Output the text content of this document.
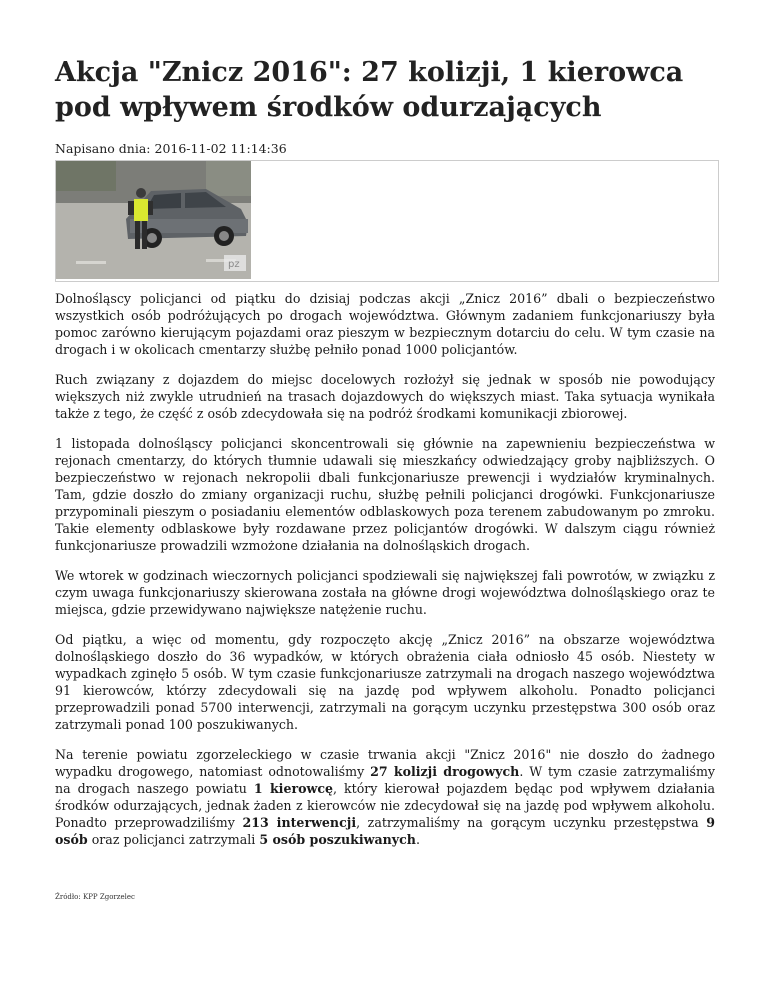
Akcja "Znicz 2016": 27 kolizji, 1 kierowca pod wpływem środków odurzających
Napisano dnia: 2016-11-02 11:14:36
pz

Dolnośląscy policjanci od piątku do dzisiaj podczas akcji „Znicz 2016” dbali o bezpieczeństwo wszystkich osób podróżujących po drogach województwa. Głównym zadaniem funkcjonariuszy była pomoc zarówno kierującym pojazdami oraz pieszym w bezpiecznym dotarciu do celu. W tym czasie na drogach i w okolicach cmentarzy służbę pełniło ponad 1000 policjantów.

Ruch związany z dojazdem do miejsc docelowych rozłożył się jednak w sposób nie powodujący większych niż zwykle utrudnień na trasach dojazdowych do większych miast. Taka sytuacja wynikała także z tego, że część z osób zdecydowała się na podróż środkami komunikacji zbiorowej.

1 listopada dolnośląscy policjanci skoncentrowali się głównie na zapewnieniu bezpieczeństwa w rejonach cmentarzy, do których tłumnie udawali się mieszkańcy odwiedzający groby najbliższych. O bezpieczeństwo w rejonach nekropolii dbali funkcjonariusze prewencji i wydziałów kryminalnych. Tam, gdzie doszło do zmiany organizacji ruchu, służbę pełnili policjanci drogówki. Funkcjonariusze przypominali pieszym o posiadaniu elementów odblaskowych poza terenem zabudowanym po zmroku. Takie elementy odblaskowe były rozdawane przez policjantów drogówki. W dalszym ciągu również funkcjonariusze prowadzili wzmożone działania na dolnośląskich drogach.

We wtorek w godzinach wieczornych policjanci spodziewali się największej fali powrotów, w związku z czym uwaga funkcjonariuszy skierowana została na główne drogi województwa dolnośląskiego oraz te miejsca, gdzie przewidywano największe natężenie ruchu.

Od piątku, a więc od momentu, gdy rozpoczęto akcję „Znicz 2016” na obszarze województwa dolnośląskiego doszło do 36 wypadków, w których obrażenia ciała odniosło 45 osób. Niestety w wypadkach zginęło 5 osób. W tym czasie funkcjonariusze zatrzymali na drogach naszego województwa 91 kierowców, którzy zdecydowali się na jazdę pod wpływem alkoholu. Ponadto policjanci przeprowadzili ponad 5700 interwencji, zatrzymali na gorącym uczynku przestępstwa 300 osób oraz zatrzymali ponad 100 poszukiwanych.

Na terenie powiatu zgorzeleckiego w czasie trwania akcji "Znicz 2016" nie doszło do żadnego wypadku drogowego, natomiast odnotowaliśmy 27 kolizji drogowych. W tym czasie zatrzymaliśmy na drogach naszego powiatu 1 kierowcę, który kierował pojazdem będąc pod wpływem działania środków odurzających, jednak żaden z kierowców nie zdecydował się na jazdę pod wpływem alkoholu. Ponadto przeprowadziliśmy 213 interwencji, zatrzymaliśmy na gorącym uczynku przestępstwa 9 osób oraz policjanci zatrzymali 5 osób poszukiwanych.

Źródło: KPP Zgorzelec
